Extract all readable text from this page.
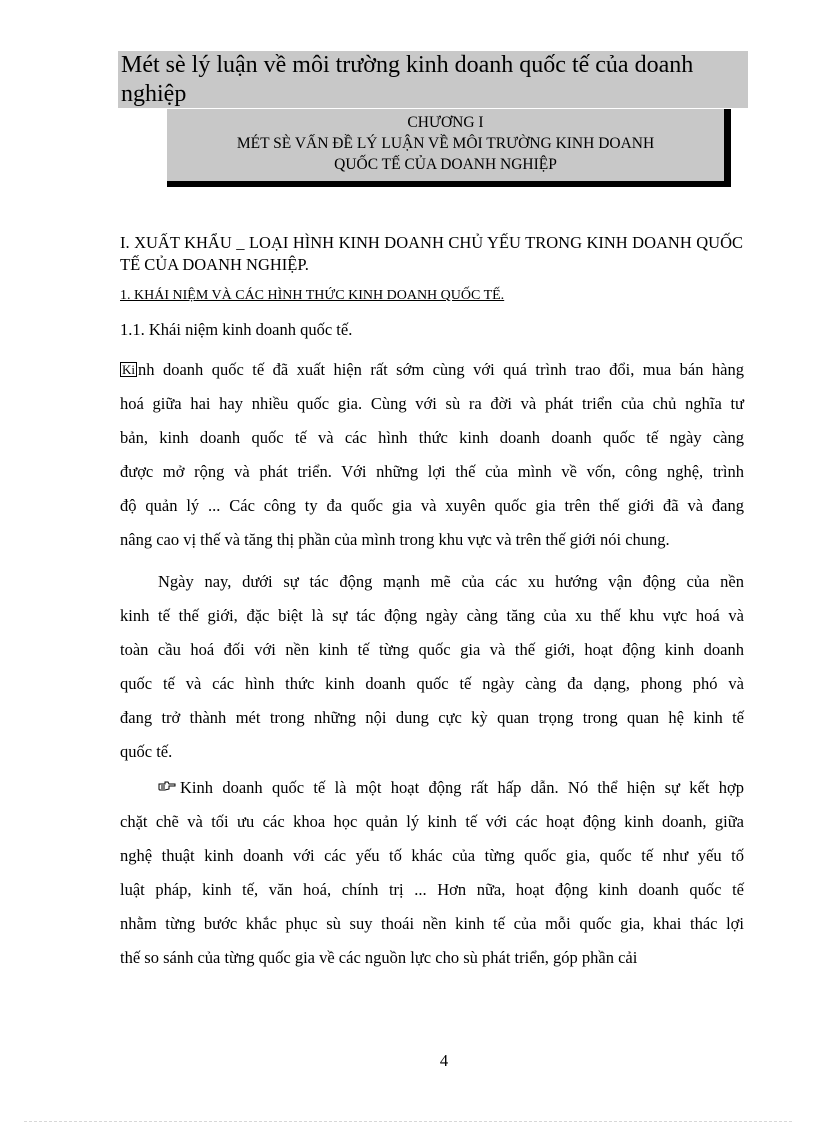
Mét sè lý luận về môi trường kinh doanh quốc tế của doanh nghiệp
CHƯƠNG I
MÉT SÈ VẤN ĐỀ LÝ LUẬN VỀ MÔI TRƯỜNG KINH DOANH
QUỐC TẾ CỦA DOANH NGHIỆP
I. XUẤT KHẨU _ LOẠI HÌNH KINH DOANH CHỦ YẾU TRONG KINH DOANH QUỐC TẾ CỦA DOANH NGHIỆP.
1. KHÁI NIỆM VÀ CÁC HÌNH THỨC KINH DOANH QUỐC TẾ.
1.1. Khái niệm kinh doanh quốc tế.
Ki nh doanh quốc tế đã xuất hiện rất sớm cùng với quá trình trao đổi, mua bán hàng
hoá giữa hai hay nhiều quốc gia. Cùng với sù ra đời và phát triển của chủ nghĩa tư
bản, kinh doanh quốc tế và các hình thức kinh doanh doanh quốc tế ngày càng
được mở rộng và phát triển. Với những lợi thế của mình về vốn, công nghệ, trình
độ quản lý ... Các công ty đa quốc gia và xuyên quốc gia trên thế giới đã và đang
nâng cao vị thế và tăng thị phần của mình trong khu vực và trên thế giới nói chung.
Ngày nay, dưới sự tác động mạnh mẽ của các xu hướng vận động của nền
kinh tế thế giới, đặc biệt là sự tác động ngày càng tăng của xu thế khu vực hoá và
toàn cầu hoá đối với nền kinh tế từng quốc gia và thế giới, hoạt động kinh doanh
quốc tế và các hình thức kinh doanh quốc tế ngày càng đa dạng, phong phó và
đang trở thành mét trong những nội dung cực kỳ quan trọng trong quan hệ kinh tế
quốc tế.
Kinh doanh quốc tế là một hoạt động rất hấp dẫn. Nó thể hiện sự kết hợp
chặt chẽ và tối ưu các khoa học quản lý kinh tế với các hoạt động kinh doanh, giữa
nghệ thuật kinh doanh với các yếu tố khác của từng quốc gia, quốc tế như yếu tố
luật pháp, kinh tế, văn hoá, chính trị ... Hơn nữa, hoạt động kinh doanh quốc tế
nhằm từng bước khắc phục sù suy thoái nền kinh tế của mỗi quốc gia, khai thác lợi
thế so sánh của từng quốc gia về các nguồn lực cho sù phát triển, góp phần cải
4
